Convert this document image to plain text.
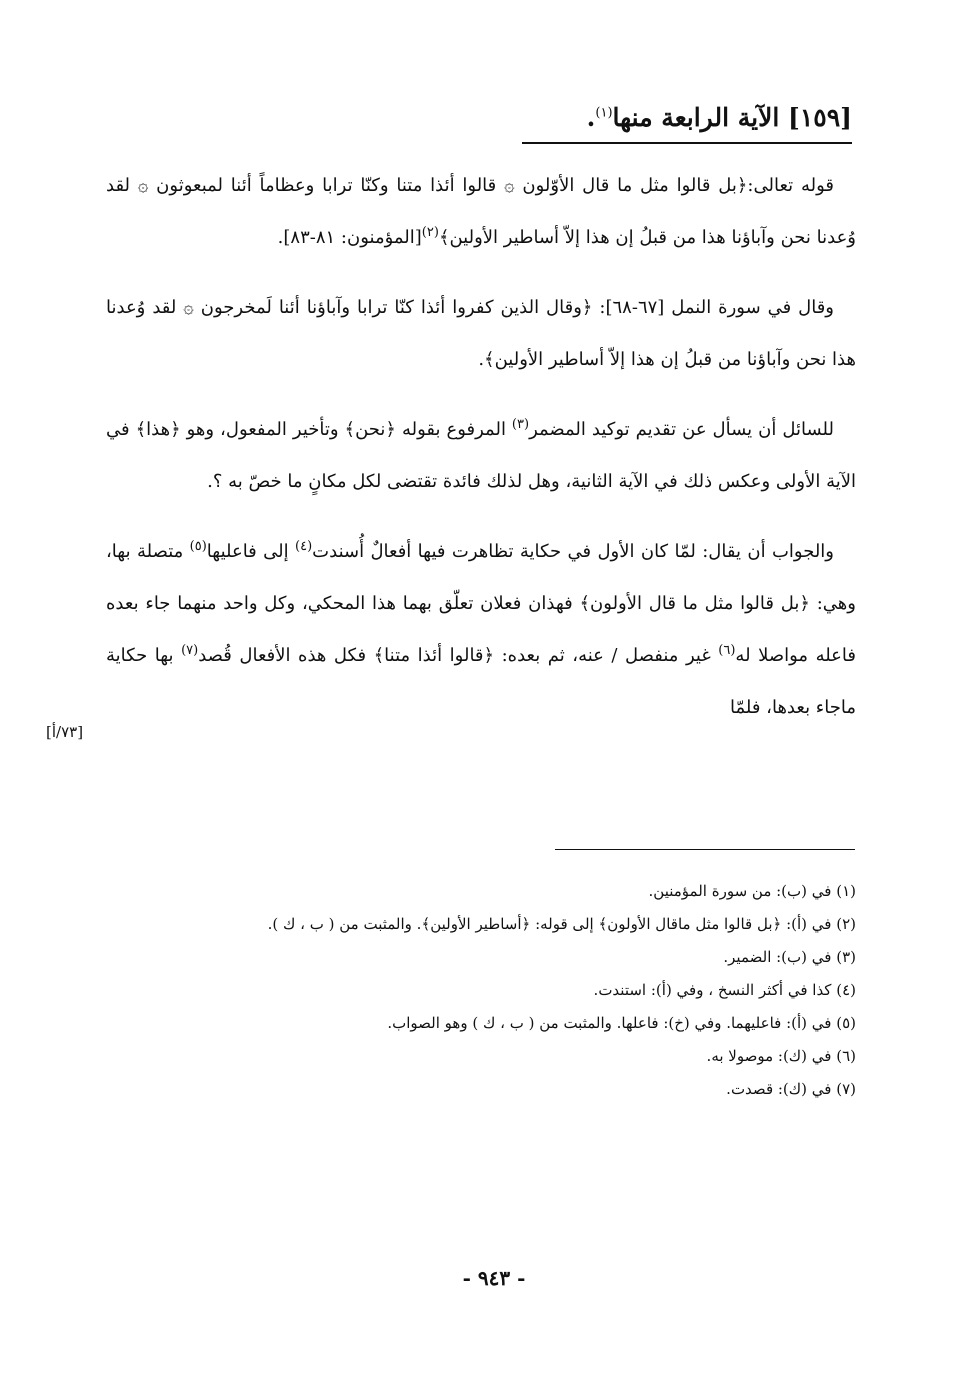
[١٥٩] الآية الرابعة منها$^{(١)}$.

قوله تعالى:﴿بل قالوا مثل ما قال الأوّلون ۞ قالوا أئذا متنا وكنّا ترابا وعظاماً أئنا لمبعوثون ۞ لقد وُعدنا نحن وآباؤنا هذا من قبلُ إن هذا إلاّ أساطير الأولين﴾$^{(٢)}$[المؤمنون: ٨١-٨٣].

وقال في سورة النمل [٦٧-٦٨]: ﴿وقال الذين كفروا أئذا كنّا ترابا وآباؤنا أئنا لَمخرجون ۞ لقد وُعدنا هذا نحن وآباؤنا من قبلُ إن هذا إلاّ أساطير الأولين﴾.

للسائل أن يسأل عن تقديم توكيد المضمر$^{(٣)}$ المرفوع بقوله ﴿نحن﴾ وتأخير المفعول، وهو ﴿هذا﴾ في الآية الأولى وعكس ذلك في الآية الثانية، وهل لذلك فائدة تقتضى لكل مكانٍ ما خصّ به ؟.

والجواب أن يقال: لمّا كان الأول في حكاية تظاهرت فيها أفعالٌ أُسندت$^{(٤)}$ إلى فاعليها$^{(٥)}$ متصلة بها، وهي: ﴿بل قالوا مثل ما قال الأولون﴾ فهذان فعلان تعلّق بهما هذا المحكي، وكل واحد منهما جاء بعده فاعله مواصلا له$^{(٦)}$ غير منفصل / عنه، ثم بعده: ﴿قالوا أئذا متنا﴾ فكل هذه الأفعال قُصد$^{(٧)}$ بها حكاية ماجاء بعدها، فلمّا

[٧٣/أ]
(١) في (ب): من سورة المؤمنين.
(٢) في (أ): ﴿بل قالوا مثل ماقال الأولون﴾ إلى قوله: ﴿أساطير الأولين﴾. والمثبت من ( ب ، ك ).
(٣) في (ب): الضمير.
(٤) كذا في أكثر النسخ ، وفي (أ): استندت.
(٥) في (أ): فاعليهما. وفي (خ): فاعلها. والمثبت من ( ب ، ك ) وهو الصواب.
(٦) في (ك): موصولا به.
(٧) في (ك): قصدت.
- ٩٤٣ -
